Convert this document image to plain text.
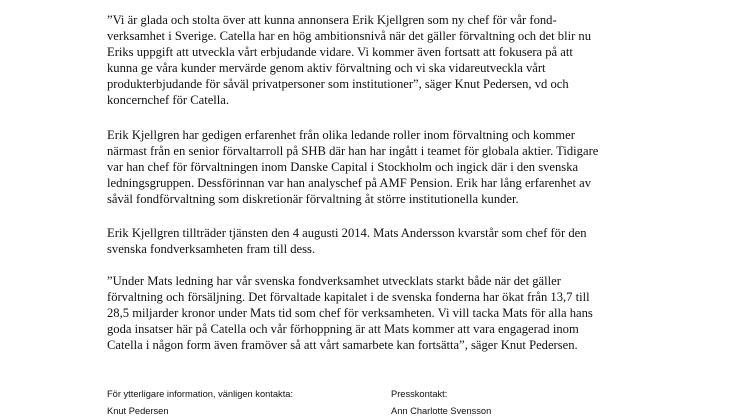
”Vi är glada och stolta över att kunna annonsera Erik Kjellgren som ny chef för vår fond-
verksamhet i Sverige. Catella har en hög ambitionsnivå när det gäller förvaltning och det blir nu
Eriks uppgift att utveckla vårt erbjudande vidare. Vi kommer även fortsatt att fokusera på att
kunna ge våra kunder mervärde genom aktiv förvaltning och vi ska vidareutveckla vårt
produkterbjudande för såväl privatpersoner som institutioner”, säger Knut Pedersen, vd och
koncernchef för Catella.

Erik Kjellgren har gedigen erfarenhet från olika ledande roller inom förvaltning och kommer
närmast från en senior förvaltarroll på SHB där han har ingått i teamet för globala aktier. Tidigare
var han chef för förvaltningen inom Danske Capital i Stockholm och ingick där i den svenska
ledningsgruppen. Dessförinnan var han analyschef på AMF Pension. Erik har lång erfarenhet av
såväl fondförvaltning som diskretionär förvaltning åt större institutionella kunder.

Erik Kjellgren tillträder tjänsten den 4 augusti 2014. Mats Andersson kvarstår som chef för den
svenska fondverksamheten fram till dess.

”Under Mats ledning har vår svenska fondverksamhet utvecklats starkt både när det gäller
förvaltning och försäljning. Det förvaltade kapitalet i de svenska fonderna har ökat från 13,7 till
28,5 miljarder kronor under Mats tid som chef för verksamheten. Vi vill tacka Mats för alla hans
goda insatser här på Catella och vår förhoppning är att Mats kommer att vara engagerad inom
Catella i någon form även framöver så att vårt samarbete kan fortsätta”, säger Knut Pedersen.

För ytterligare information, vänligen kontakta:
Knut Pedersen
Presskontakt:
Ann Charlotte Svensson
